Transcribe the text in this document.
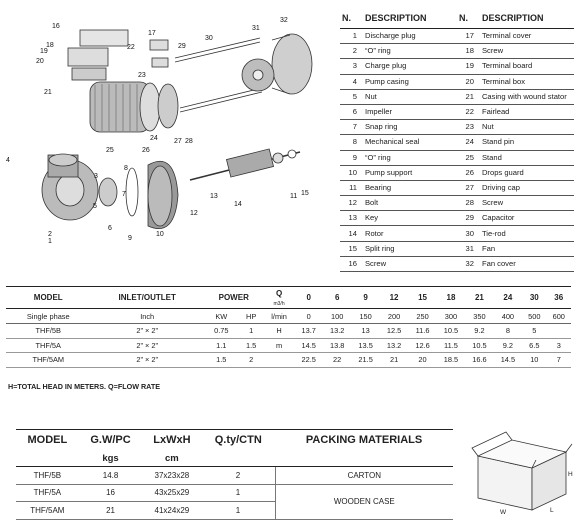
1
2
3
4
5
6
7
8
9
10
11
12
13
14
15
16
17
18
19
20
21
22
23
24
25	26
27 28
29
30
31
32	N.	DESCRIPTION	N.	DESCRIPTION
1	Discharge plug	17	Terminal cover
2	“O” ring	18	Screw
3	Charge plug	19	Terminal board
4	Pump casing	20	Terminal box
5	Nut	21	Casing with wound stator
6	Impeller	22	Fairlead
7	Snap ring	23	Nut
8	Mechanical seal	24	Stand pin
9	“O” ring	25	Stand
10	Pump support	26	Drops guard
11	Bearing	27	Driving cap
12	Bolt	28	Screw
13	Key	29	Capacitor
14	Rotor	30	Tie-rod
15	Split ring	31	Fan
16	Screw	32	Fan cover
MODEL	INLET/OUTLET	POWER		Q
m3/h	0	6	9	12	15	18	21	24	30	36
Single phase	Inch	KW	HP	l/min	0	100	150	200	250	300	350	400	500	600
THF/5B	2” × 2”	0.75	1	H	13.7	13.2	13	12.5	11.6	10.5	9.2	8	5	
THF/5A	2” × 2”	1.1	1.5	m	14.5	13.8	13.5	13.2	12.6	11.5	10.5	9.2	6.5	3
THF/5AM	2” × 2”	1.5	2		22.5	22	21.5	21	20	18.5	16.6	14.5	10	7
H=TOTAL HEAD IN METERS. Q=FLOW RATE
MODEL	G.W/PC	LxWxH	Q.ty/CTN	PACKING MATERIALS
	kgs	cm		
THF/5B	14.8	37x23x28	2	CARTON
THF/5A	16	43x25x29	1	WOODEN CASE
THF/5AM	21	41x24x29	1	
H
W	L
